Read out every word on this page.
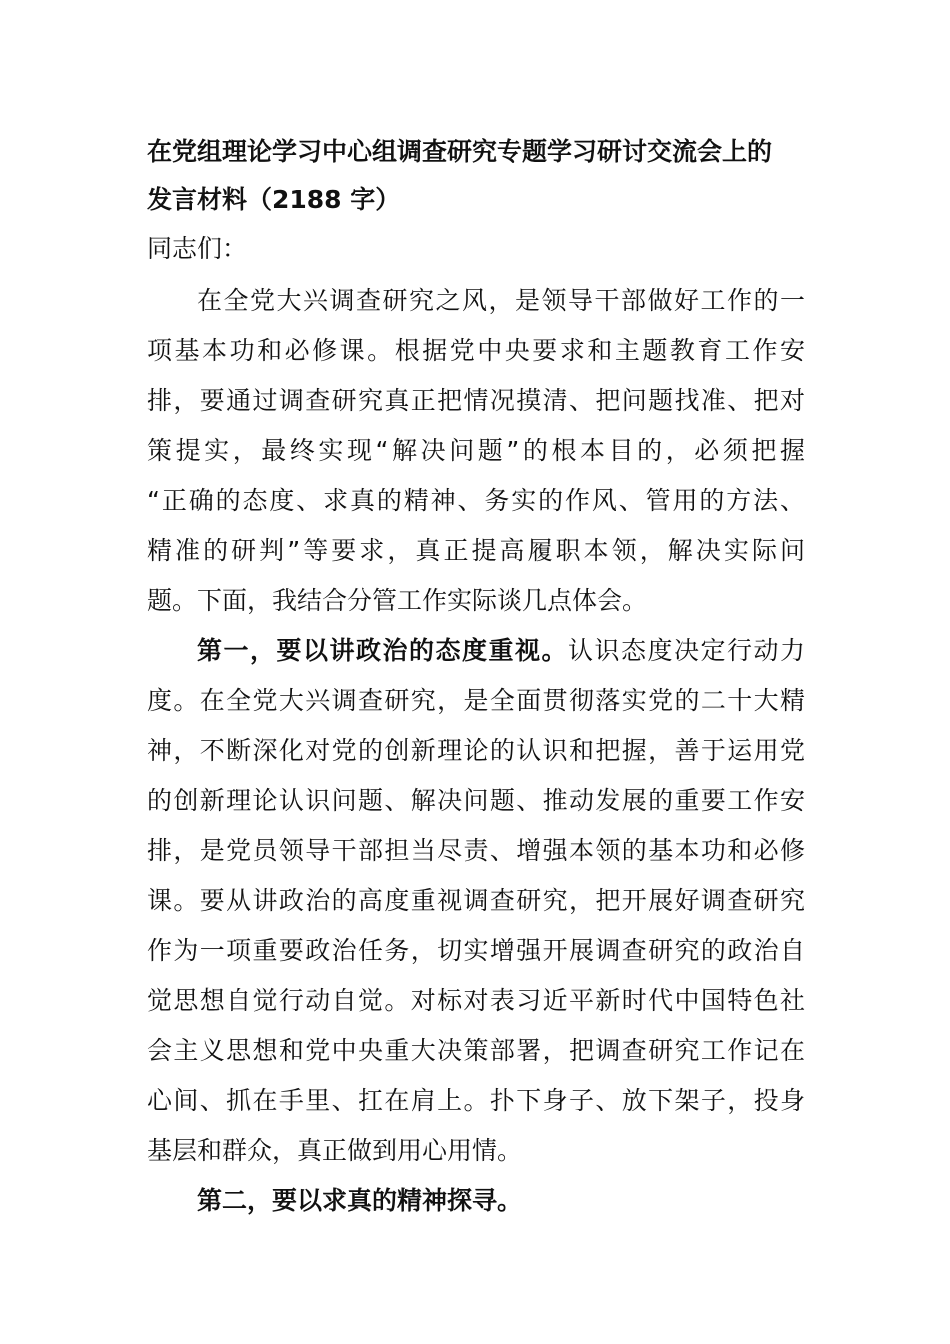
在党组理论学习中心组调查研究专题学习研讨交流会上的

发言材料（2188 字）

同志们：

在全党大兴调查研究之风，是领导干部做好工作的一

项基本功和必修课。根据党中央要求和主题教育工作安

排，要通过调查研究真正把情况摸清、把问题找准、把对

策提实，最终实现“解决问题”的根本目的，必须把握

“正确的态度、求真的精神、务实的作风、管用的方法、

精准的研判”等要求，真正提高履职本领，解决实际问

题。下面，我结合分管工作实际谈几点体会。

第一，要以讲政治的态度重视。认识态度决定行动力

度。在全党大兴调查研究，是全面贯彻落实党的二十大精

神，不断深化对党的创新理论的认识和把握，善于运用党

的创新理论认识问题、解决问题、推动发展的重要工作安

排，是党员领导干部担当尽责、增强本领的基本功和必修

课。要从讲政治的高度重视调查研究，把开展好调查研究

作为一项重要政治任务，切实增强开展调查研究的政治自

觉思想自觉行动自觉。对标对表习近平新时代中国特色社

会主义思想和党中央重大决策部署，把调查研究工作记在

心间、抓在手里、扛在肩上。扑下身子、放下架子，投身

基层和群众，真正做到用心用情。

第二，要以求真的精神探寻。
